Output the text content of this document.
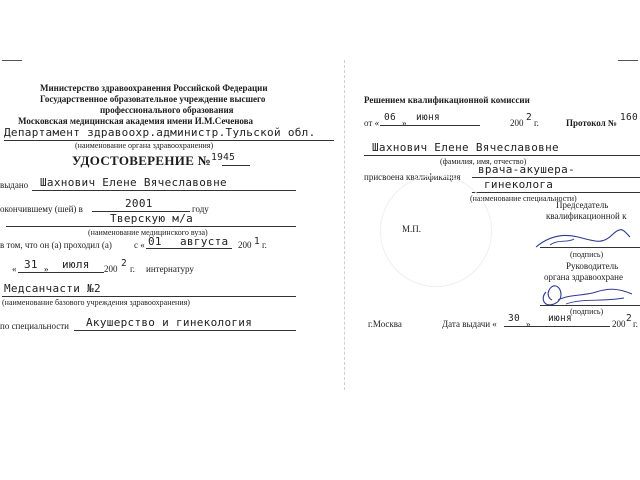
Министерство здравоохранения Российской Федерации
Государственное образовательное учреждение высшего
профессионального образования
Московская медицинская академия имени И.М.Сеченова
Департамент здравоохр.администр.Тульской обл.
(наименование органа здравоохранения)
УДОСТОВЕРЕНИЕ №$^{1945}$
выдано Шахнович Елене Вячеславовне
окончившему (шей) в	2001	году
Тверскую м/а
(наименование медицинского вуза)
в том, что он (а) проходил (а) с « 01 августа 200 1 г.
« 31 » июля 200 2 г. интернатуру
Медсанчасти №2
(наименование базового учреждения здравоохранения)
по специальности Акушерство и гинекология
Решением квалификационной комиссии
от « 06 » июня	200 2 г.	Протокол № 160
Шахнович Елене Вячеславовне
(фамилия, имя, отчество)
присвоена квалификация
врача-акушера-
гинеколога
(наименование специальности)
Председатель
квалификационной к
М.П.
(подпись)
Руководитель
органа здравоохране
(подпись)
г.Москва	Дата выдачи « 30 » июня	200 2 г.
